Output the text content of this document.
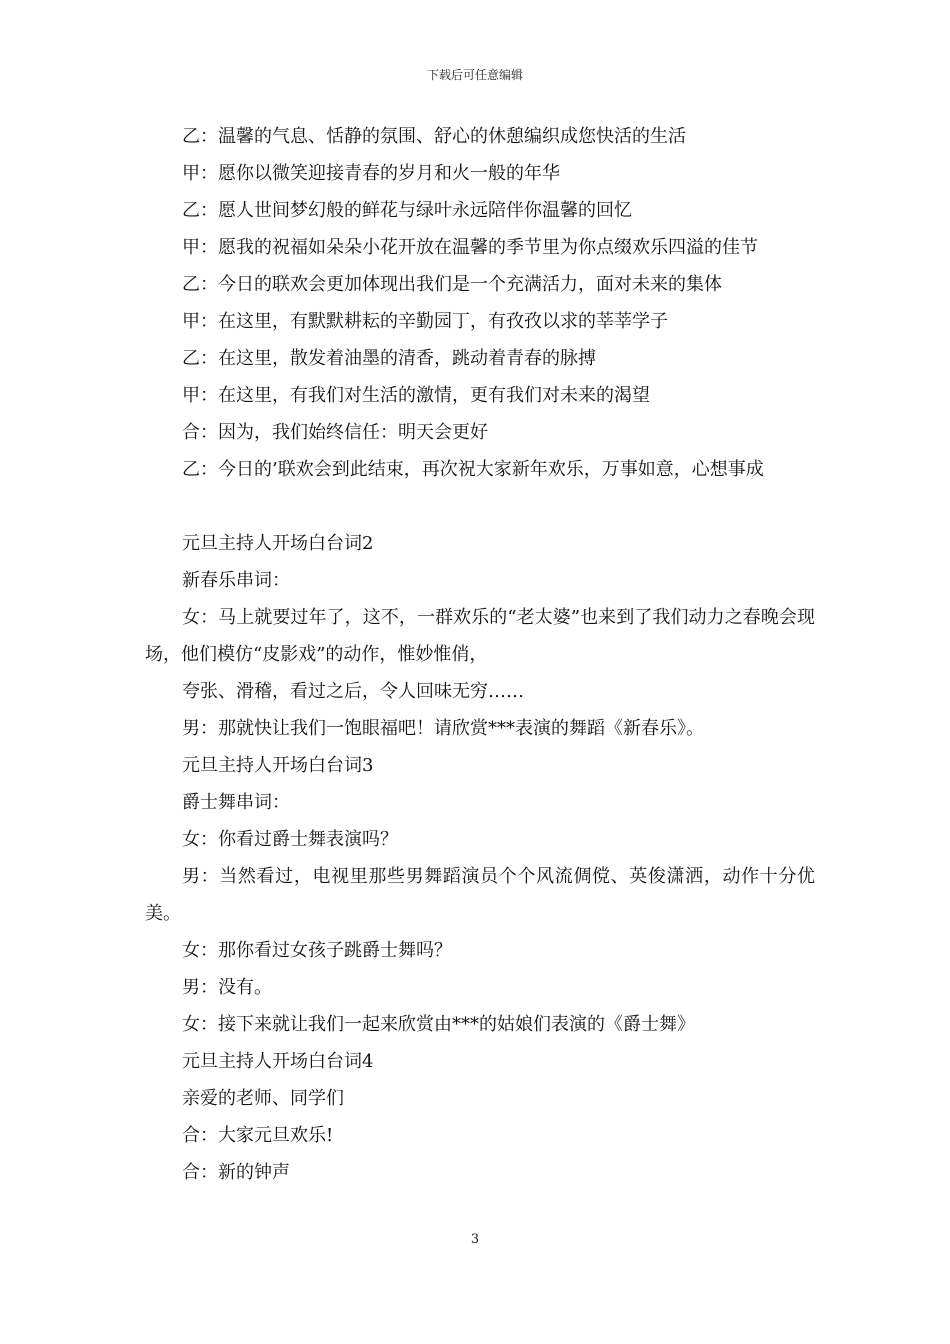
下载后可任意编辑

乙：温馨的气息、恬静的氛围、舒心的休憩编织成您快活的生活

甲：愿你以微笑迎接青春的岁月和火一般的年华

乙：愿人世间梦幻般的鲜花与绿叶永远陪伴你温馨的回忆

甲：愿我的祝福如朵朵小花开放在温馨的季节里为你点缀欢乐四溢的佳节

乙：今日的联欢会更加体现出我们是一个充满活力，面对未来的集体

甲：在这里，有默默耕耘的辛勤园丁，有孜孜以求的莘莘学子

乙：在这里，散发着油墨的清香，跳动着青春的脉搏

甲：在这里，有我们对生活的激情，更有我们对未来的渴望

合：因为，我们始终信任：明天会更好

乙：今日的’联欢会到此结束，再次祝大家新年欢乐，万事如意，心想事成

元旦主持人开场白台词2

新春乐串词：

女：马上就要过年了，这不，一群欢乐的“老太婆”也来到了我们动力之春晚会现场，他们模仿“皮影戏”的动作，惟妙惟俏，

夸张、滑稽，看过之后，令人回味无穷……

男：那就快让我们一饱眼福吧！请欣赏***表演的舞蹈《新春乐》。

元旦主持人开场白台词3

爵士舞串词：

女：你看过爵士舞表演吗？

男：当然看过，电视里那些男舞蹈演员个个风流倜傥、英俊潇洒，动作十分优美。

女：那你看过女孩子跳爵士舞吗？

男：没有。

女：接下来就让我们一起来欣赏由***的姑娘们表演的《爵士舞》

元旦主持人开场白台词4

亲爱的老师、同学们

合：大家元旦欢乐!

合：新的钟声

3
